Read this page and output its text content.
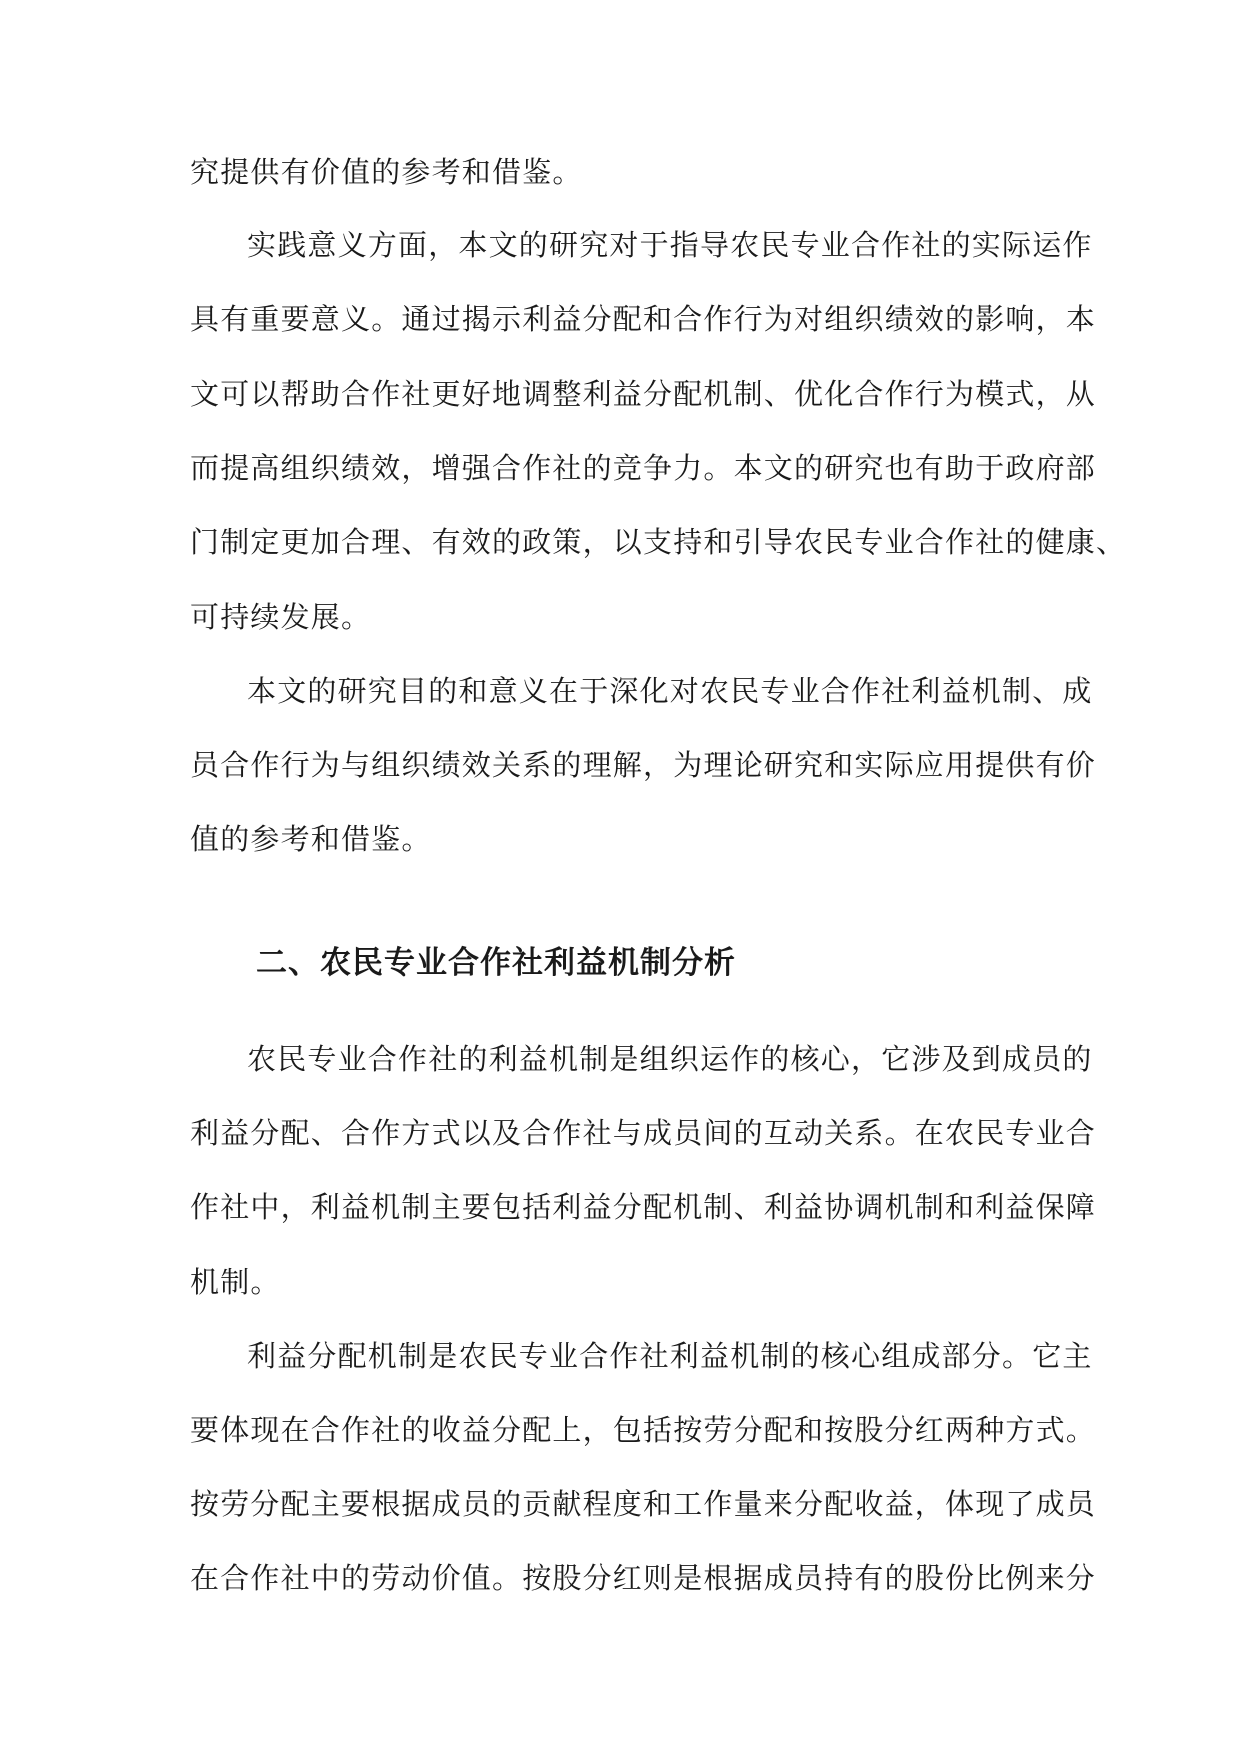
究提供有价值的参考和借鉴。
实践意义方面，本文的研究对于指导农民专业合作社的实际运作
具有重要意义。通过揭示利益分配和合作行为对组织绩效的影响，本
文可以帮助合作社更好地调整利益分配机制、优化合作行为模式，从
而提高组织绩效，增强合作社的竞争力。本文的研究也有助于政府部
门制定更加合理、有效的政策，以支持和引导农民专业合作社的健康、
可持续发展。
本文的研究目的和意义在于深化对农民专业合作社利益机制、成
员合作行为与组织绩效关系的理解，为理论研究和实际应用提供有价
值的参考和借鉴。
二、农民专业合作社利益机制分析
农民专业合作社的利益机制是组织运作的核心，它涉及到成员的
利益分配、合作方式以及合作社与成员间的互动关系。在农民专业合
作社中，利益机制主要包括利益分配机制、利益协调机制和利益保障
机制。
利益分配机制是农民专业合作社利益机制的核心组成部分。它主
要体现在合作社的收益分配上，包括按劳分配和按股分红两种方式。
按劳分配主要根据成员的贡献程度和工作量来分配收益，体现了成员
在合作社中的劳动价值。按股分红则是根据成员持有的股份比例来分
